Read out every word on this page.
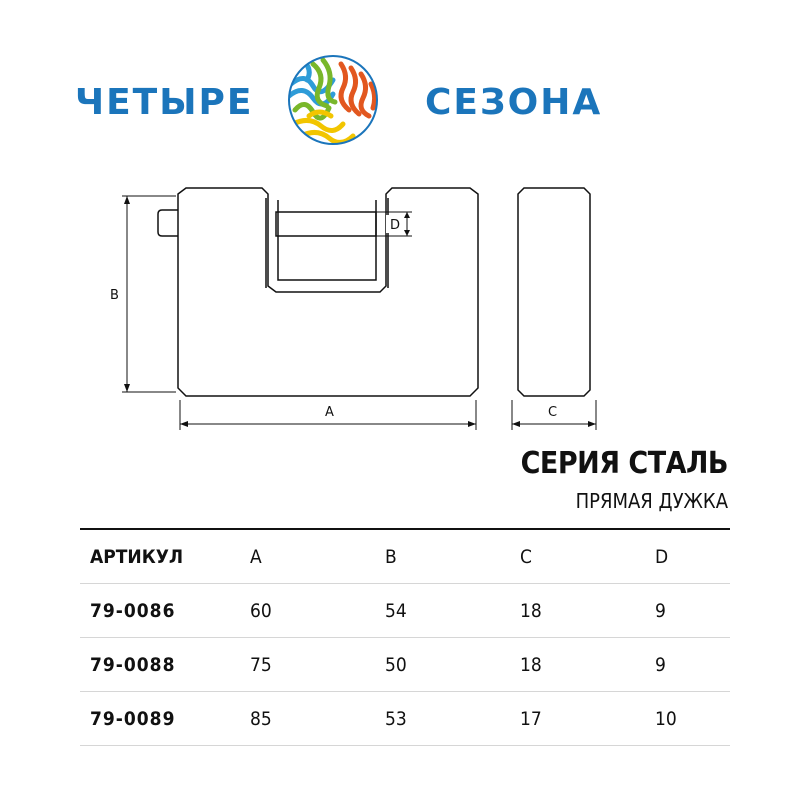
ЧЕТЫРЕ	СЕЗОНА
B
A	C
D
СЕРИЯ СТАЛЬ
ПРЯМАЯ ДУЖКА
АРТИКУЛ	A	B	C	D
79-0086	60	54	18	9
79-0088	75	50	18	9
79-0089	85	53	17	10
